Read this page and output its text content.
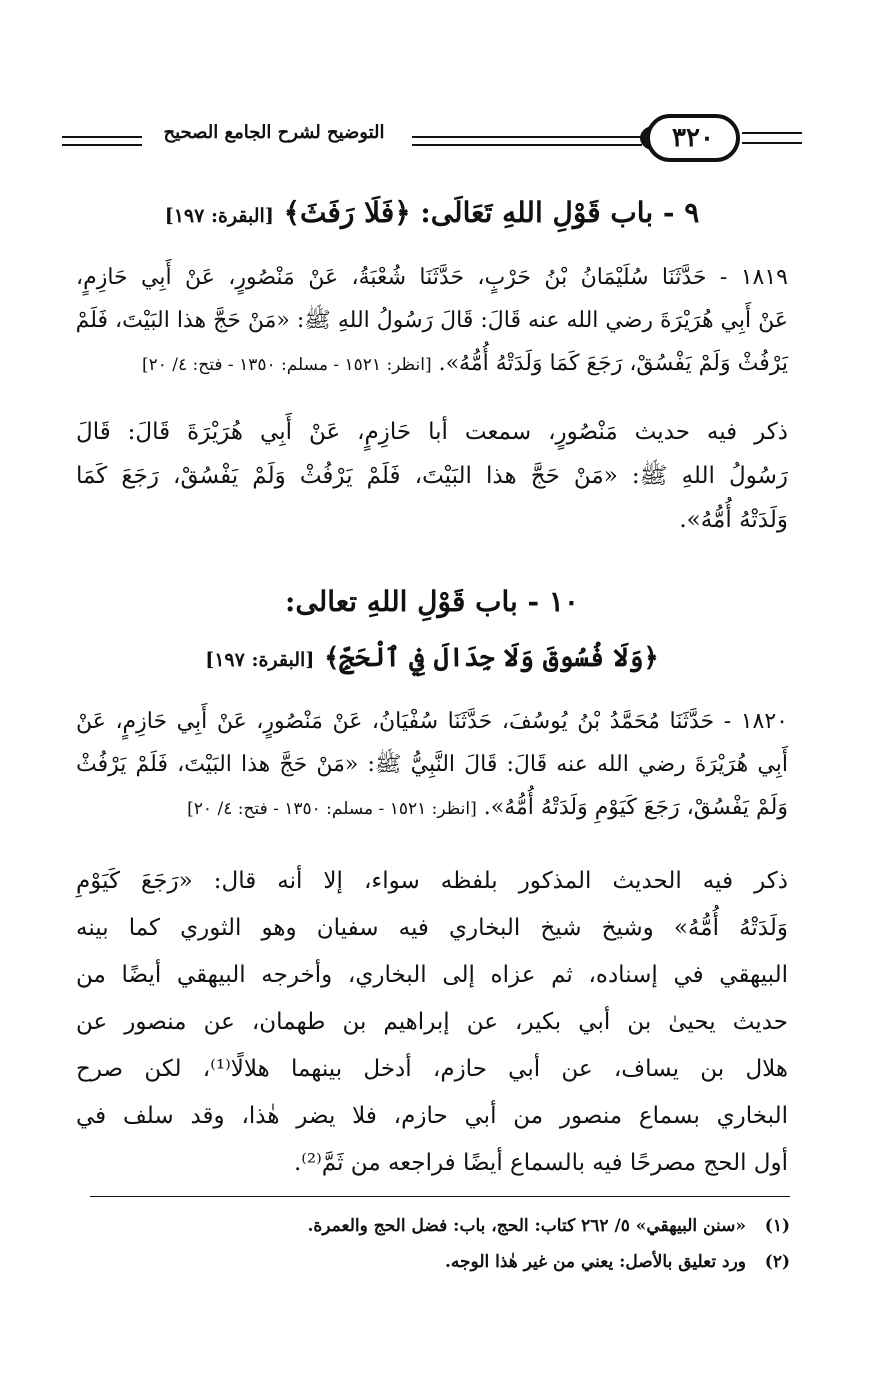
٣٢٠
التوضيح لشرح الجامع الصحيح
٩ - باب قَوْلِ اللهِ تَعَالَى: ﴿فَلَا رَفَثَ﴾ [البقرة: ١٩٧]
١٨١٩ - حَدَّثَنَا سُلَيْمَانُ بْنُ حَرْبٍ، حَدَّثَنَا شُعْبَةُ، عَنْ مَنْصُورٍ، عَنْ أَبِي حَازِمٍ،
عَنْ أَبِي هُرَيْرَةَ رضي الله عنه قَالَ: قَالَ رَسُولُ اللهِ ﷺ: «مَنْ حَجَّ هذا البَيْتَ، فَلَمْ
يَرْفُثْ وَلَمْ يَفْسُقْ، رَجَعَ كَمَا وَلَدَتْهُ أُمُّهُ». [انظر: ١٥٢١ - مسلم: ١٣٥٠ - فتح: ٤/ ٢٠]
ذكر فيه حديث مَنْصُورٍ، سمعت أبا حَازِمٍ، عَنْ أَبِي هُرَيْرَةَ قَالَ: قَالَ
رَسُولُ اللهِ ﷺ: «مَنْ حَجَّ هذا البَيْتَ، فَلَمْ يَرْفُثْ وَلَمْ يَفْسُقْ، رَجَعَ كَمَا
وَلَدَتْهُ أُمُّهُ».
١٠ - باب قَوْلِ اللهِ تعالى:
﴿وَلَا فُسُوقَ وَلَا جِدَالَ فِي ٱلْحَجِّ﴾ [البقرة: ١٩٧]
١٨٢٠ - حَدَّثَنَا مُحَمَّدُ بْنُ يُوسُفَ، حَدَّثَنَا سُفْيَانُ، عَنْ مَنْصُورٍ، عَنْ أَبِي حَازِمٍ، عَنْ
أَبِي هُرَيْرَةَ رضي الله عنه قَالَ: قَالَ النَّبِيُّ ﷺ: «مَنْ حَجَّ هذا البَيْتَ، فَلَمْ يَرْفُثْ
وَلَمْ يَفْسُقْ، رَجَعَ كَيَوْمِ وَلَدَتْهُ أُمُّهُ». [انظر: ١٥٢١ - مسلم: ١٣٥٠ - فتح: ٤/ ٢٠]
ذكر فيه الحديث المذكور بلفظه سواء، إلا أنه قال: «رَجَعَ كَيَوْمِ
وَلَدَتْهُ أُمُّهُ» وشيخ شيخ البخاري فيه سفيان وهو الثوري كما بينه
البيهقي في إسناده، ثم عزاه إلى البخاري، وأخرجه البيهقي أيضًا من
حديث يحيىٰ بن أبي بكير، عن إبراهيم بن طهمان، عن منصور عن
هلال بن يساف، عن أبي حازم، أدخل بينهما هلالًا⁽¹⁾، لكن صرح
البخاري بسماع منصور من أبي حازم، فلا يضر هٰذا، وقد سلف في
أول الحج مصرحًا فيه بالسماع أيضًا فراجعه من ثَمَّ⁽²⁾.
(١)«سنن البيهقي» ٥/ ٢٦٢ كتاب: الحج، باب: فضل الحج والعمرة.
(٢)ورد تعليق بالأصل: يعني من غير هٰذا الوجه.
